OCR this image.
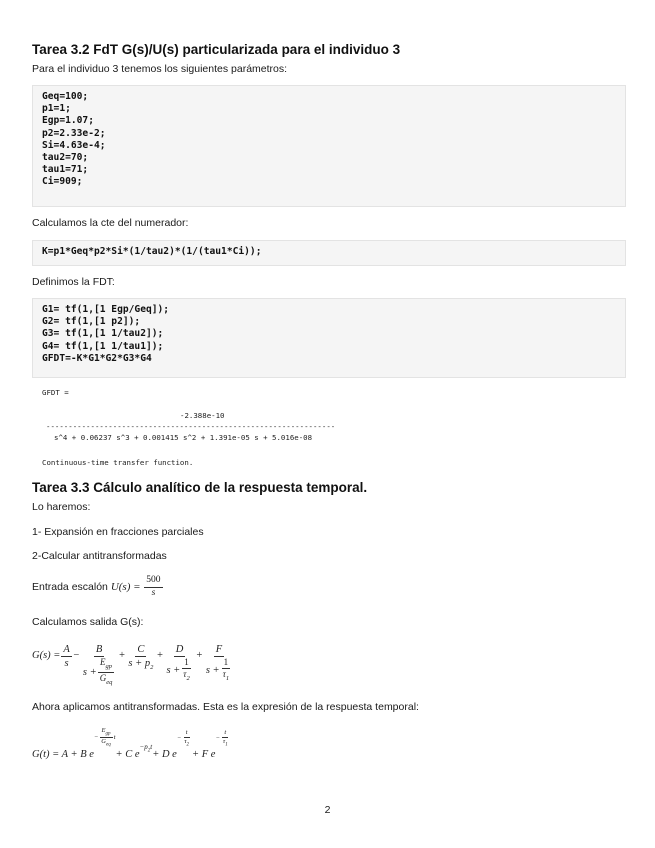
Tarea 3.2 FdT G(s)/U(s) particularizada para el individuo 3

Para el individuo 3 tenemos los siguientes parámetros:

Geq=100;
p1=1;
Egp=1.07;
p2=2.33e-2;
Si=4.63e-4;
tau2=70;
tau1=71;
Ci=909;

Calculamos la cte del numerador:

K=p1*Geq*p2*Si*(1/tau2)*(1/(tau1*Ci));

Definimos la FDT:

G1= tf(1,[1 Egp/Geq]);
G2= tf(1,[1 p2]);
G3= tf(1,[1 1/tau2]);
G4= tf(1,[1 1/tau1]);
GFDT=-K*G1*G2*G3*G4
GFDT =
-2.388e-10
-----------------------------------------------------------------
s^4 + 0.06237 s^3 + 0.001415 s^2 + 1.391e-05 s + 5.016e-08
Continuous-time transfer function.
Tarea 3.3 Cálculo analítico de la respuesta temporal.

Lo haremos:

1- Expansión en fracciones parciales

2-Calcular antitransformadas

Entrada escalón
$U(s) = \frac{500}{s}$

Calculamos salida G(s):

$G(s) = \frac{A}{s} - \frac{B}{s + \frac{E_{gp}}{G_{eq}}} + \frac{C}{s + p_2} + \frac{D}{s + \frac{1}{\tau_2}} + \frac{F}{s + \frac{1}{\tau_1}}$

Ahora aplicamos antitransformadas. Esta es la expresión de la respuesta temporal:

G(t) = A + B e
− $\frac{E_{gp}}{G_{eq}}$ t
+ C e
$-p_2t$
+ D e
− $\frac{t}{\tau_2}$
+ F e
− $\frac{t}{\tau_1}$
2
